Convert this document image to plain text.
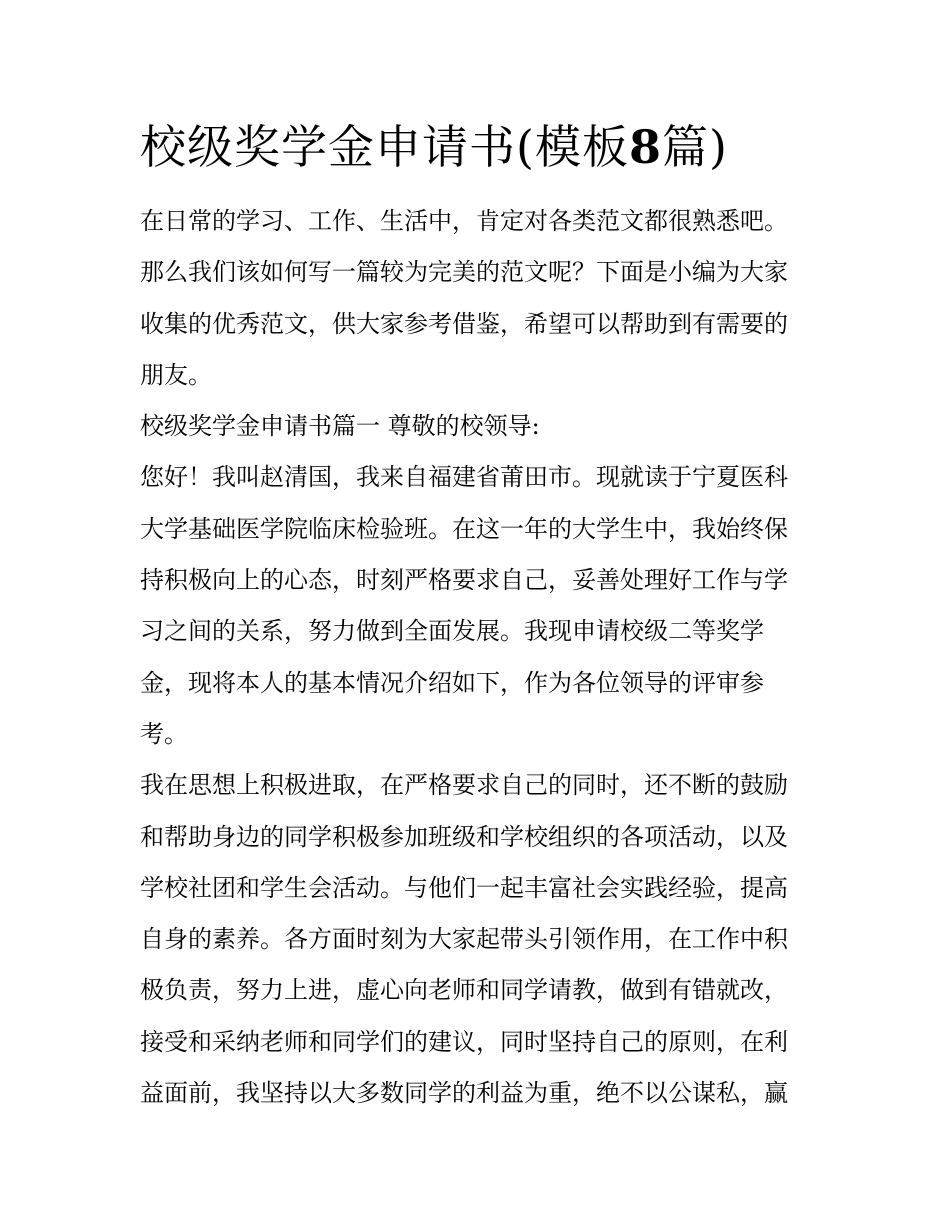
校级奖学金申请书(模板8篇)
在日常的学习、工作、生活中，肯定对各类范文都很熟悉吧。
那么我们该如何写一篇较为完美的范文呢？下面是小编为大家
收集的优秀范文，供大家参考借鉴，希望可以帮助到有需要的
朋友。
校级奖学金申请书篇一 尊敬的校领导:
您好！我叫赵清国，我来自福建省莆田市。现就读于宁夏医科
大学基础医学院临床检验班。在这一年的大学生中，我始终保
持积极向上的心态，时刻严格要求自己，妥善处理好工作与学
习之间的关系，努力做到全面发展。我现申请校级二等奖学
金，现将本人的基本情况介绍如下，作为各位领导的评审参
考。
我在思想上积极进取，在严格要求自己的同时，还不断的鼓励
和帮助身边的同学积极参加班级和学校组织的各项活动，以及
学校社团和学生会活动。与他们一起丰富社会实践经验，提高
自身的素养。各方面时刻为大家起带头引领作用，在工作中积
极负责，努力上进，虚心向老师和同学请教，做到有错就改，
接受和采纳老师和同学们的建议，同时坚持自己的原则，在利
益面前，我坚持以大多数同学的利益为重，绝不以公谋私，赢
